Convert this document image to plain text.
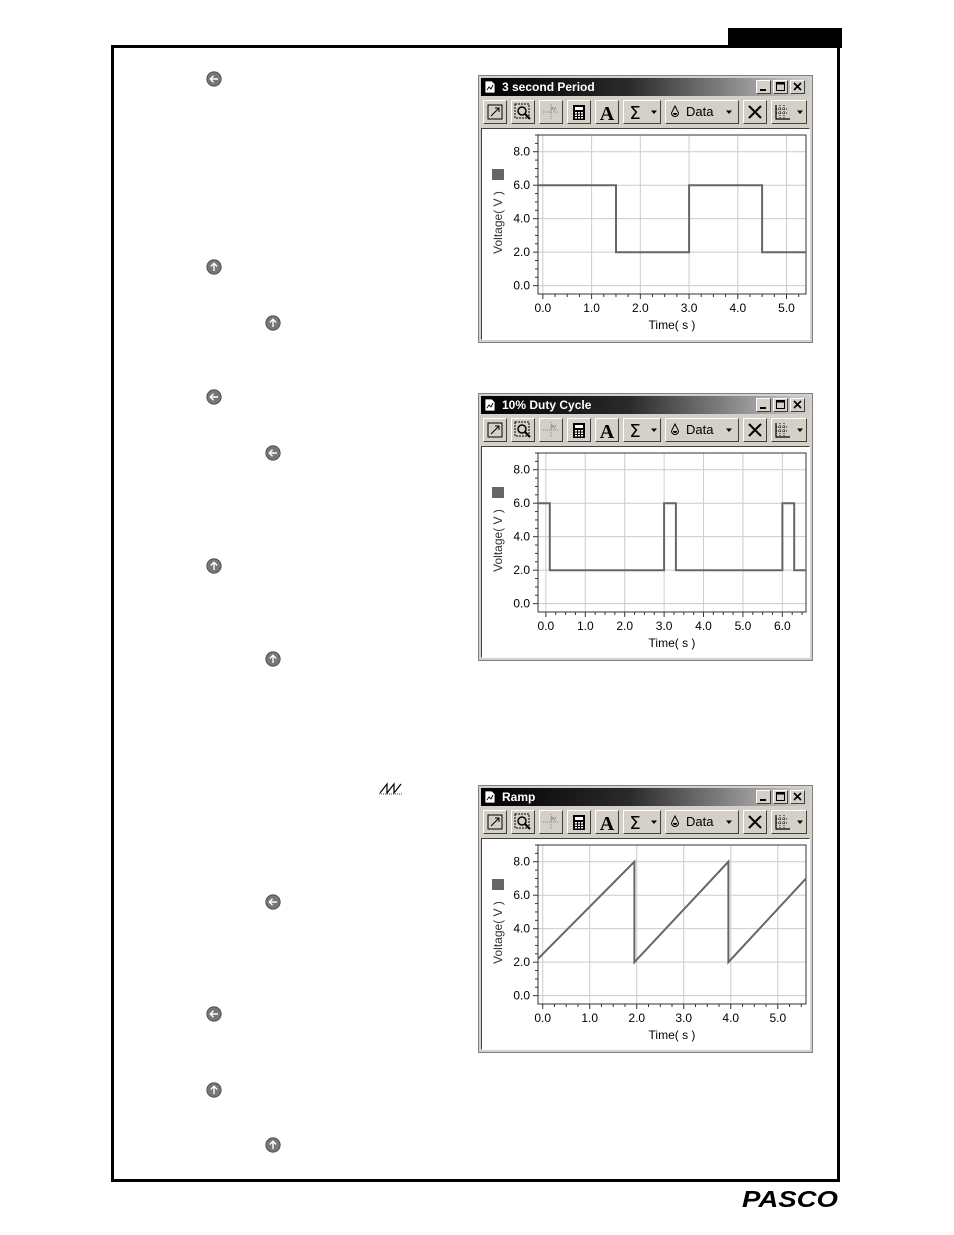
3 second Period
xy A Σ	Data
0.0	1.0	2.0	3.0	4.0	5.0
0.0
2.0
4.0
6.0
8.0
Time( s )
Voltage( V )
10% Duty Cycle
xy A Σ	Data
0.0 1.0 2.0 3.0 4.0 5.0 6.0
0.0
2.0
4.0
6.0
8.0
Time( s )
Voltage( V )
Ramp
xy A Σ	Data
0.0	1.0	2.0	3.0	4.0	5.0
0.0
2.0
4.0
6.0
8.0
Time( s )
Voltage( V )
PASCO
